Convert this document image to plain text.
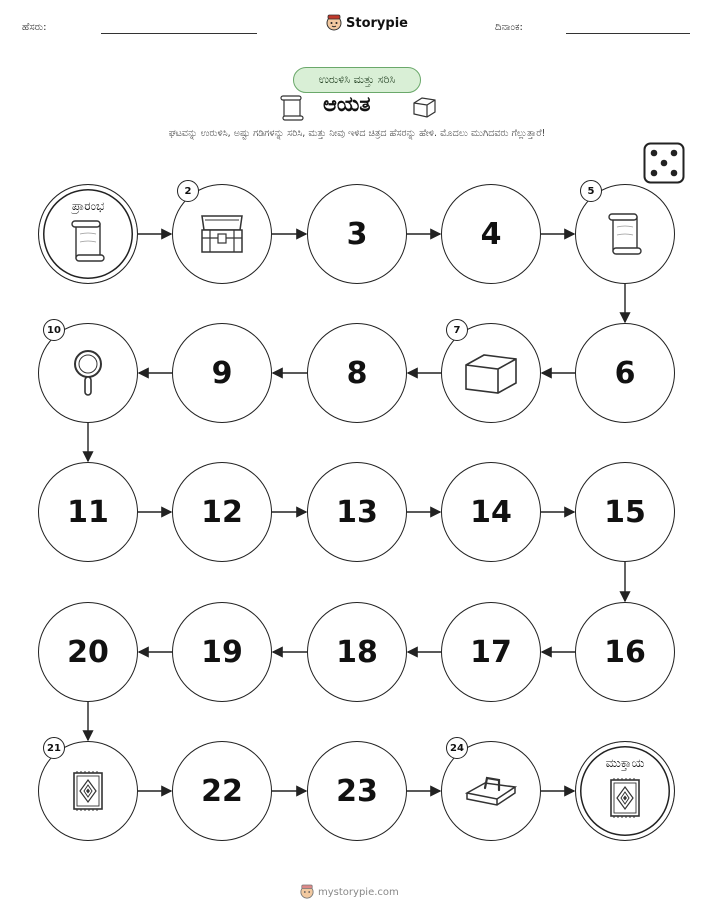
ಹೆಸರು:	Storypie	ದಿನಾಂಕ:
ಉರುಳಿಸಿ ಮತ್ತು ಸರಿಸಿ
ಆಯತ
ಘಟವನ್ನು ಉರುಳಿಸಿ, ಅಷ್ಟು ಗಡಿಗಳನ್ನು ಸರಿಸಿ, ಮತ್ತು ನೀವು ಇಳಿದ ಚಿತ್ರದ ಹೆಸರನ್ನು ಹೇಳಿ. ಮೊದಲು ಮುಗಿದವರು ಗೆಲ್ಲುತ್ತಾರೆ!
ಪ್ರಾರಂಭ
2
3	4
5
6
7
8
9
10
11	12	13	14	15
16
17
18
19
20
21
22	23
24
ಮುಕ್ತಾಯ
mystorypie.com
